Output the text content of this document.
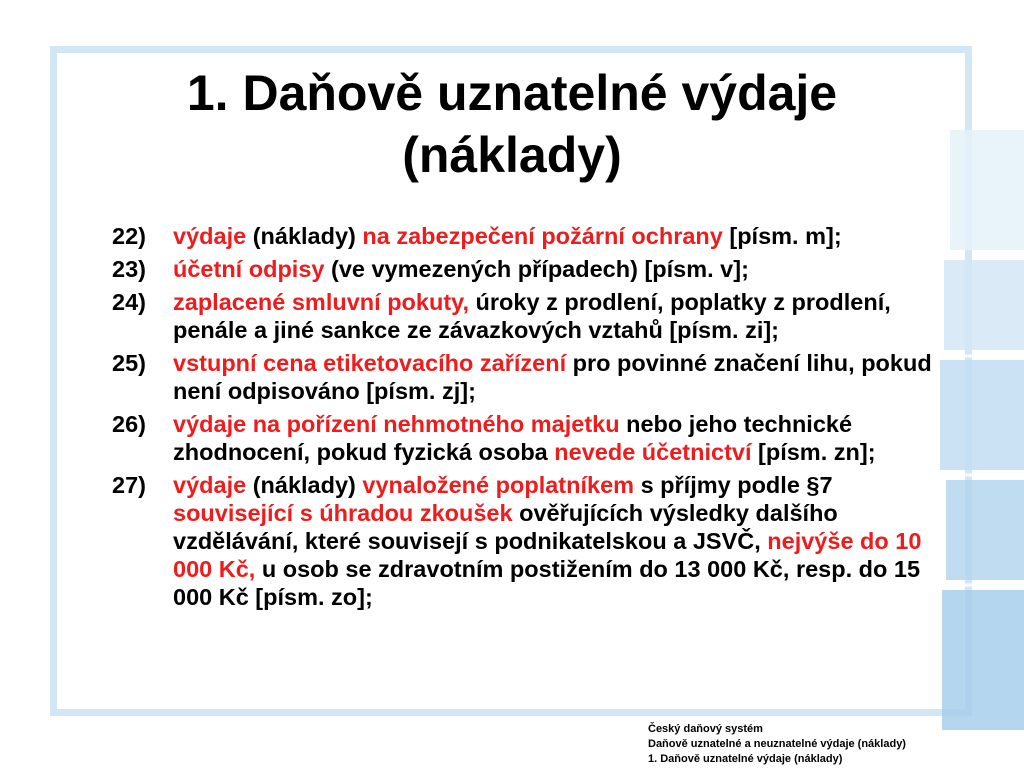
1. Daňově uznatelné výdaje
(náklady)
22) výdaje (náklady) na zabezpečení požární ochrany [písm. m];
23) účetní odpisy (ve vymezených případech) [písm. v];
24) zaplacené smluvní pokuty, úroky z prodlení, poplatky z prodlení, penále a jiné sankce ze závazkových vztahů [písm. zi];
25) vstupní cena etiketovacího zařízení pro povinné značení lihu, pokud není odpisováno [písm. zj];
26) výdaje na pořízení nehmotného majetku nebo jeho technické zhodnocení, pokud fyzická osoba nevede účetnictví [písm. zn];
27) výdaje (náklady) vynaložené poplatníkem s příjmy podle §7 související s úhradou zkoušek ověřujících výsledky dalšího vzdělávání, které souvisejí s podnikatelskou a JSVČ, nejvýše do 10 000 Kč, u osob se zdravotním postižením do 13 000 Kč, resp. do 15 000 Kč [písm. zo];
Český daňový systém
Daňově uznatelné a neuznatelné výdaje (náklady)
1. Daňově uznatelné výdaje (náklady)
